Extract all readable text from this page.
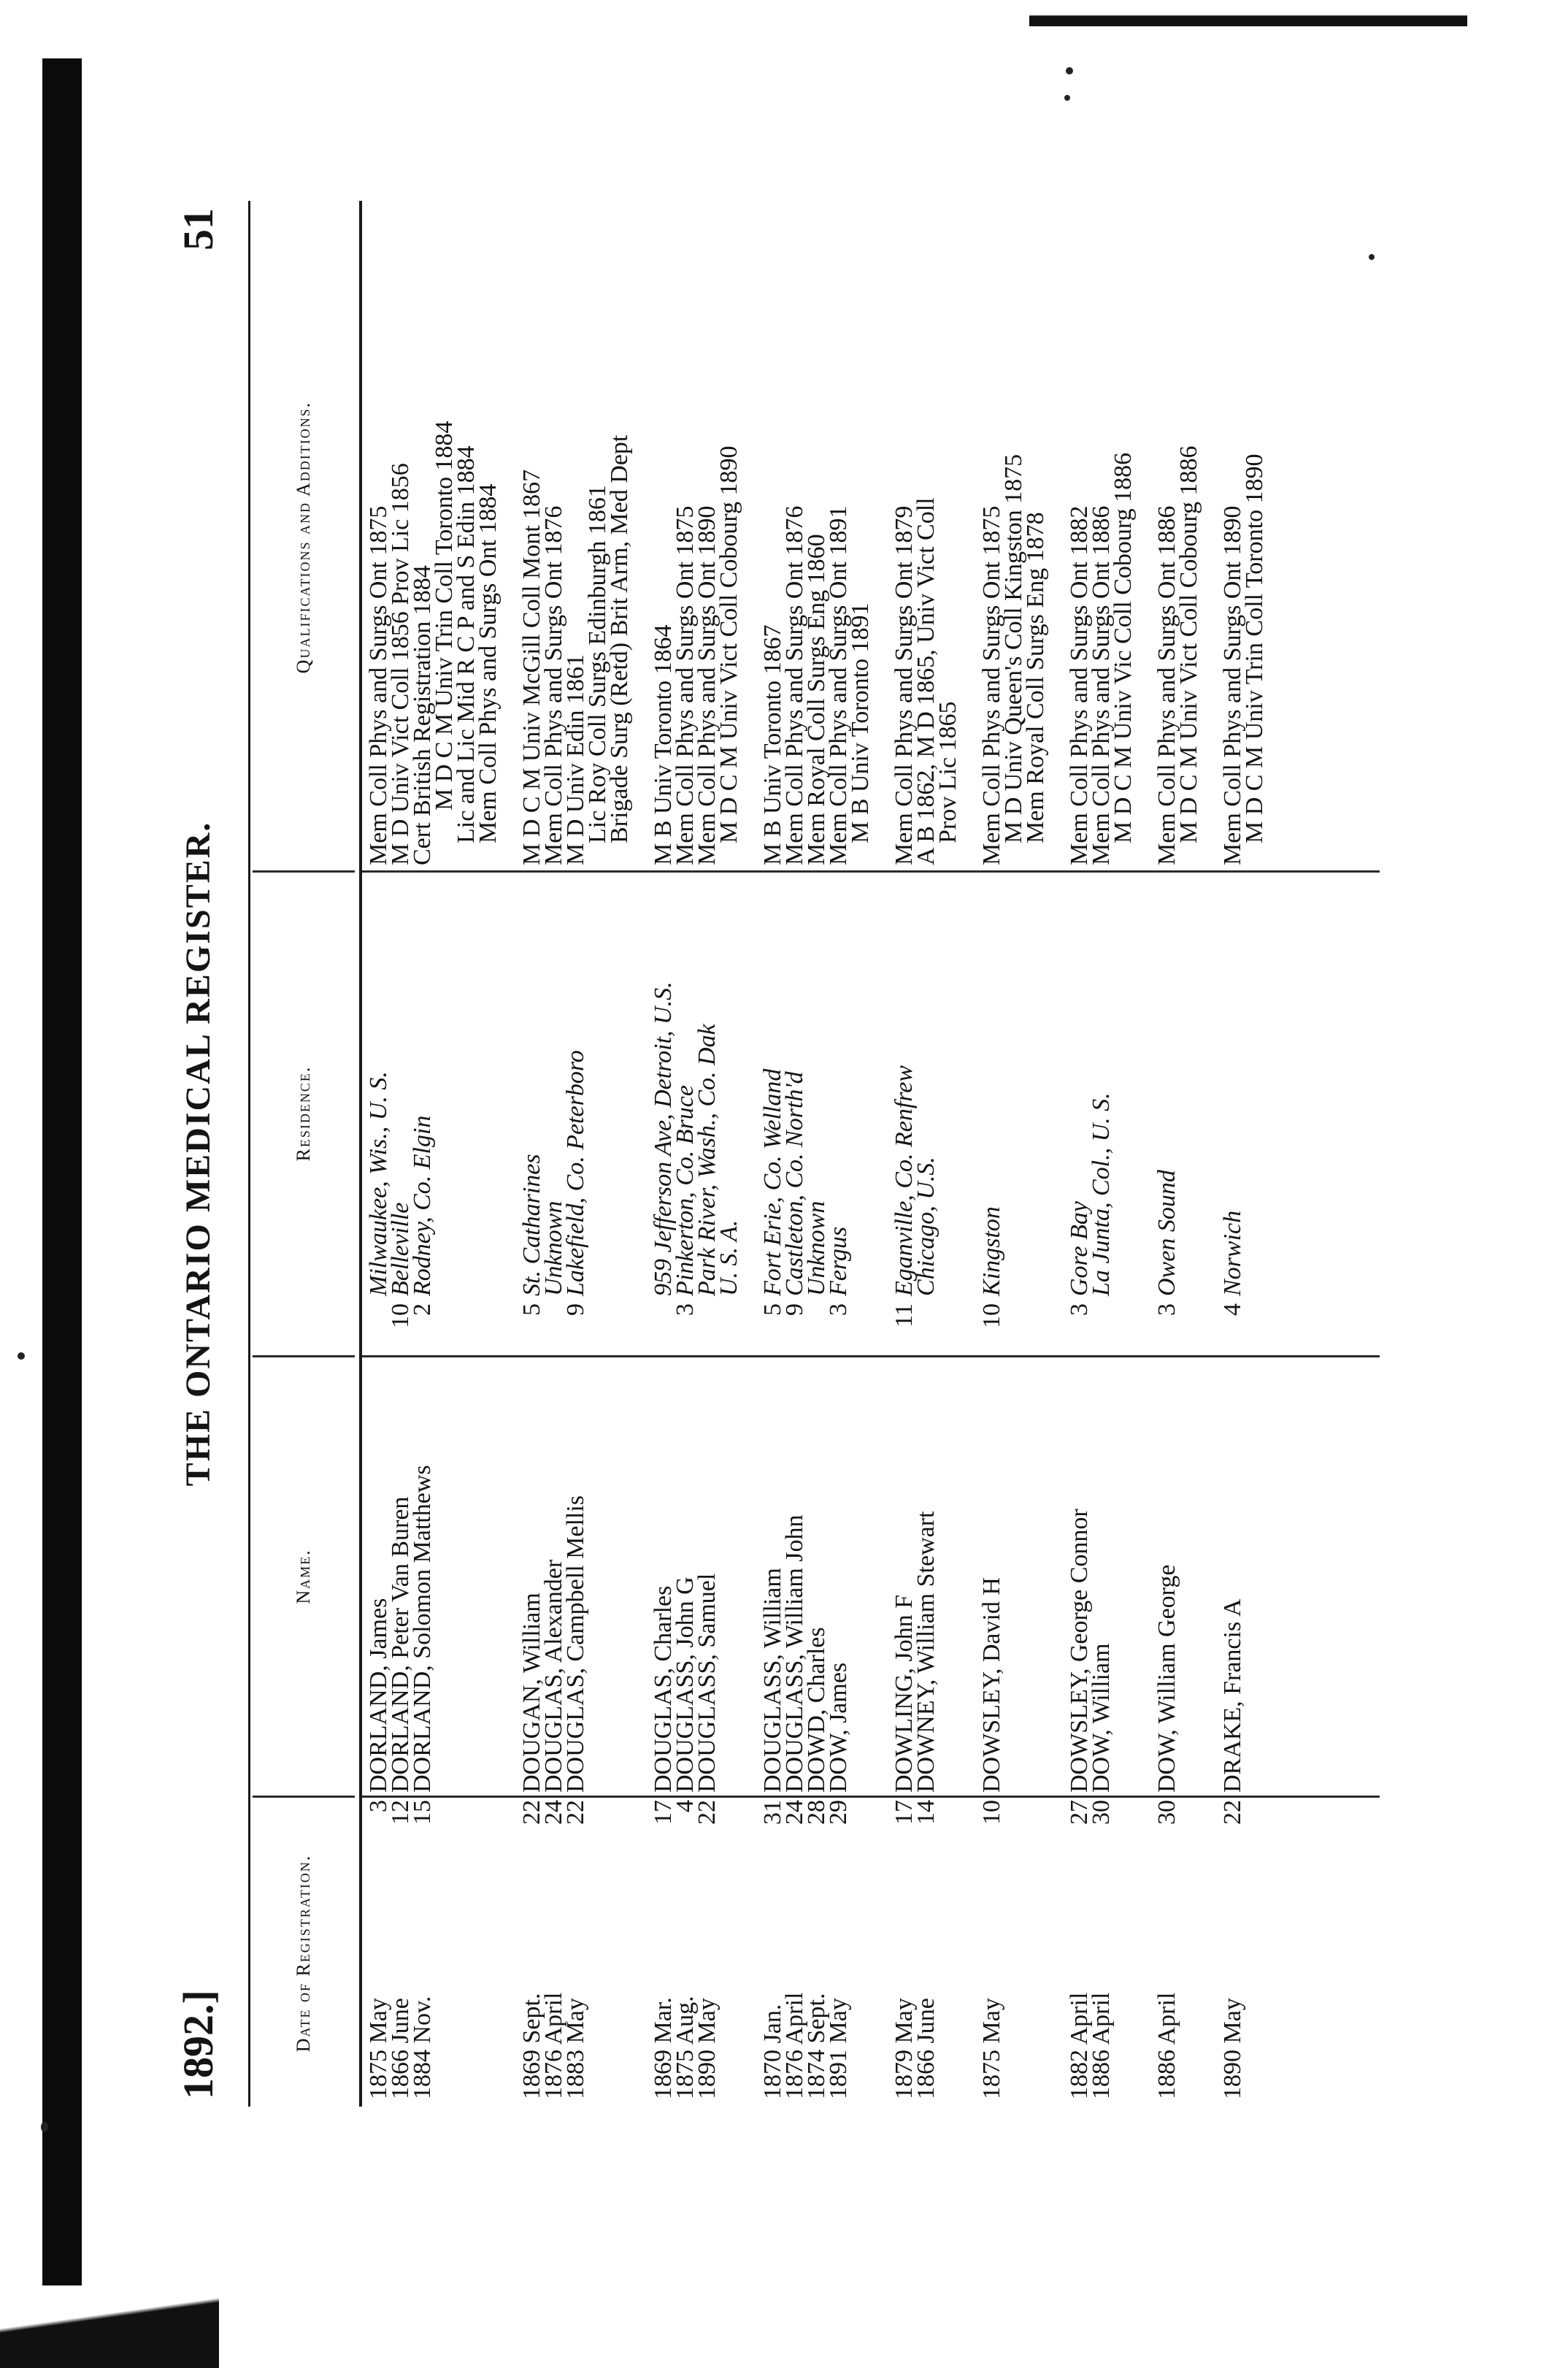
1892.]
THE ONTARIO MEDICAL REGISTER.
51
Date of Registration.
Name.
Residence.
Qualifications and Additions.
1875 May
3
DORLAND, James
Milwaukee, Wis., U. S.
Mem Coll Phys and Surgs Ont 1875
1866 June
12
DORLAND, Peter Van Buren
10
Belleville
M D Univ Vict Coll 1856 Prov Lic 1856
1884 Nov.
15
DORLAND, Solomon Matthews
2
Rodney, Co. Elgin
Cert British Registration 1884
M D C M Univ Trin Coll Toronto 1884
Lic and Lic Mid R C P and S Edin 1884
Mem Coll Phys and Surgs Ont 1884
1869 Sept.
22
DOUGAN, William
5
St. Catharines
M D C M Univ McGill Coll Mont 1867
1876 April
24
DOUGLAS, Alexander
Unknown
Mem Coll Phys and Surgs Ont 1876
1883 May
22
DOUGLAS, Campbell Mellis
9
Lakefield, Co. Peterboro
M D Univ Edin 1861
Lic Roy Coll Surgs Edinburgh 1861
Brigade Surg (Retd) Brit Arm, Med Dept
1869 Mar.
17
DOUGLAS, Charles
959 Jefferson Ave, Detroit, U.S.
M B Univ Toronto 1864
1875 Aug.
4
DOUGLASS, John G
3
Pinkerton, Co. Bruce
Mem Coll Phys and Surgs Ont 1875
1890 May
22
DOUGLASS, Samuel
Park River, Wash., Co. Dak
Mem Coll Phys and Surgs Ont 1890
U. S. A.
M D C M Univ Vict Coll Cobourg 1890
1870 Jan.
31
DOUGLASS, William
5
Fort Erie, Co. Welland
M B Univ Toronto 1867
1876 April
24
DOUGLASS, William John
9
Castleton, Co. North'd
Mem Coll Phys and Surgs Ont 1876
1874 Sept.
28
DOWD, Charles
Unknown
Mem Royal Coll Surgs Eng 1860
1891 May
29
DOW, James
3
Fergus
Mem Coll Phys and Surgs Ont 1891
M B Univ Toronto 1891
1879 May
17
DOWLING, John F
11
Eganville, Co. Renfrew
Mem Coll Phys and Surgs Ont 1879
1866 June
14
DOWNEY, William Stewart
Chicago, U.S.
A B 1862, M D 1865, Univ Vict Coll
Prov Lic 1865
1875 May
10
DOWSLEY, David H
10
Kingston
Mem Coll Phys and Surgs Ont 1875
M D Univ Queen's Coll Kingston 1875
Mem Royal Coll Surgs Eng 1878
1882 April
27
DOWSLEY, George Connor
3
Gore Bay
Mem Coll Phys and Surgs Ont 1882
1886 April
30
DOW, William
La Junta, Col., U. S.
Mem Coll Phys and Surgs Ont 1886
M D C M Univ Vic Coll Cobourg 1886
1886 April
30
DOW, William George
3
Owen Sound
Mem Coll Phys and Surgs Ont 1886
M D C M Univ Vict Coll Cobourg 1886
1890 May
22
DRAKE, Francis A
4
Norwich
Mem Coll Phys and Surgs Ont 1890
M D C M Univ Trin Coll Toronto 1890
